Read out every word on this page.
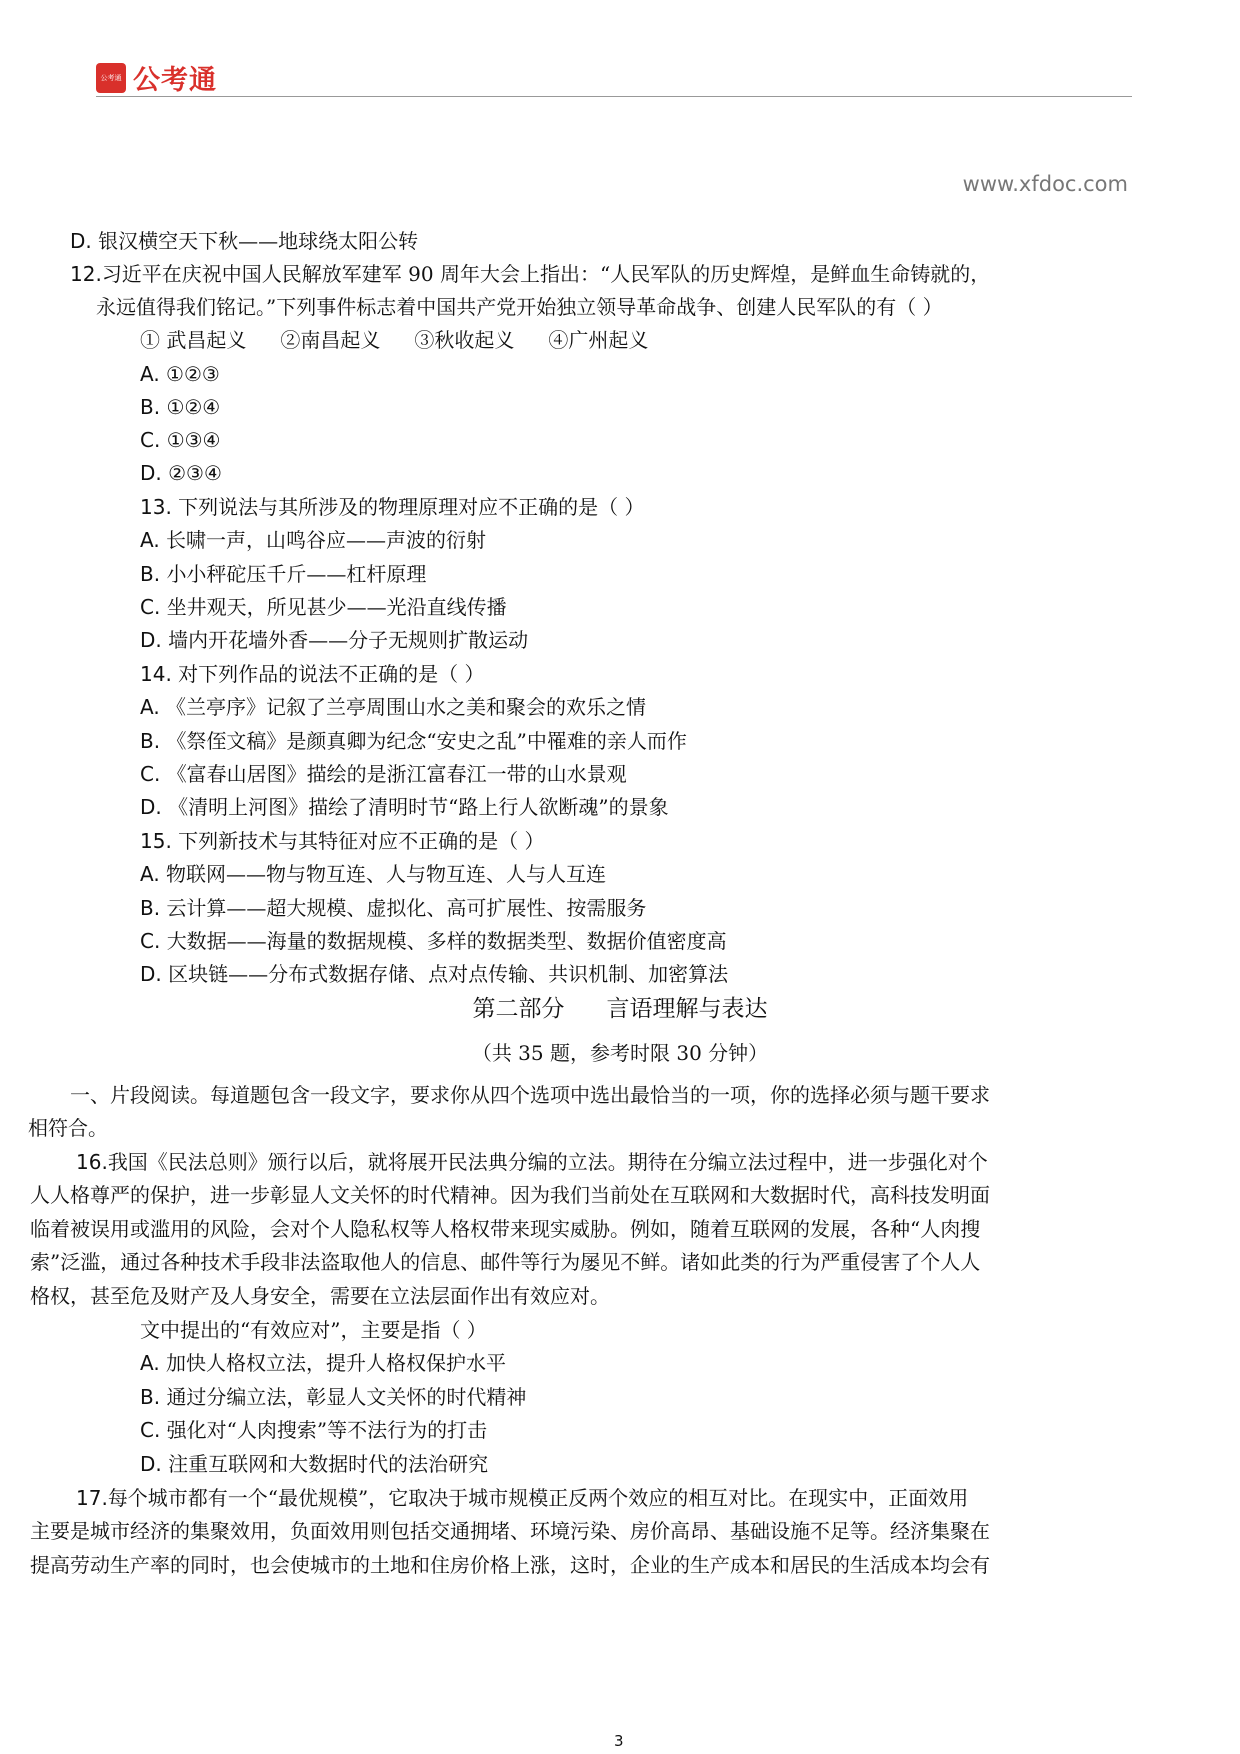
公考通 公考通
www.xfdoc.com
D. 银汉横空天下秋——地球绕太阳公转
12.习近平在庆祝中国人民解放军建军 90 周年大会上指出：“人民军队的历史辉煌，是鲜血生命铸就的，
永远值得我们铭记。”下列事件标志着中国共产党开始独立领导革命战争、创建人民军队的有（ ）
① 武昌起义 ②南昌起义 ③秋收起义 ④广州起义
A. ①②③
B. ①②④
C. ①③④
D. ②③④
13. 下列说法与其所涉及的物理原理对应不正确的是（ ）
A. 长啸一声，山鸣谷应——声波的衍射
B. 小小秤砣压千斤——杠杆原理
C. 坐井观天，所见甚少——光沿直线传播
D. 墙内开花墙外香——分子无规则扩散运动
14. 对下列作品的说法不正确的是（ ）
A. 《兰亭序》记叙了兰亭周围山水之美和聚会的欢乐之情
B. 《祭侄文稿》是颜真卿为纪念“安史之乱”中罹难的亲人而作
C. 《富春山居图》描绘的是浙江富春江一带的山水景观
D. 《清明上河图》描绘了清明时节“路上行人欲断魂”的景象
15. 下列新技术与其特征对应不正确的是（ ）
A. 物联网——物与物互连、人与物互连、人与人互连
B. 云计算——超大规模、虚拟化、高可扩展性、按需服务
C. 大数据——海量的数据规模、多样的数据类型、数据价值密度高
D. 区块链——分布式数据存储、点对点传输、共识机制、加密算法
第二部分 言语理解与表达
（共 35 题，参考时限 30 分钟）
一、片段阅读。每道题包含一段文字，要求你从四个选项中选出最恰当的一项，你的选择必须与题干要求
相符合。
16.我国《民法总则》颁行以后，就将展开民法典分编的立法。期待在分编立法过程中，进一步强化对个
人人格尊严的保护，进一步彰显人文关怀的时代精神。因为我们当前处在互联网和大数据时代，高科技发明面
临着被误用或滥用的风险，会对个人隐私权等人格权带来现实威胁。例如，随着互联网的发展，各种“人肉搜
索”泛滥，通过各种技术手段非法盗取他人的信息、邮件等行为屡见不鲜。诸如此类的行为严重侵害了个人人
格权，甚至危及财产及人身安全，需要在立法层面作出有效应对。
文中提出的“有效应对”，主要是指（ ）
A. 加快人格权立法，提升人格权保护水平
B. 通过分编立法，彰显人文关怀的时代精神
C. 强化对“人肉搜索”等不法行为的打击
D. 注重互联网和大数据时代的法治研究
17.每个城市都有一个“最优规模”，它取决于城市规模正反两个效应的相互对比。在现实中，正面效用
主要是城市经济的集聚效用，负面效用则包括交通拥堵、环境污染、房价高昂、基础设施不足等。经济集聚在
提高劳动生产率的同时，也会使城市的土地和住房价格上涨，这时，企业的生产成本和居民的生活成本均会有
3
